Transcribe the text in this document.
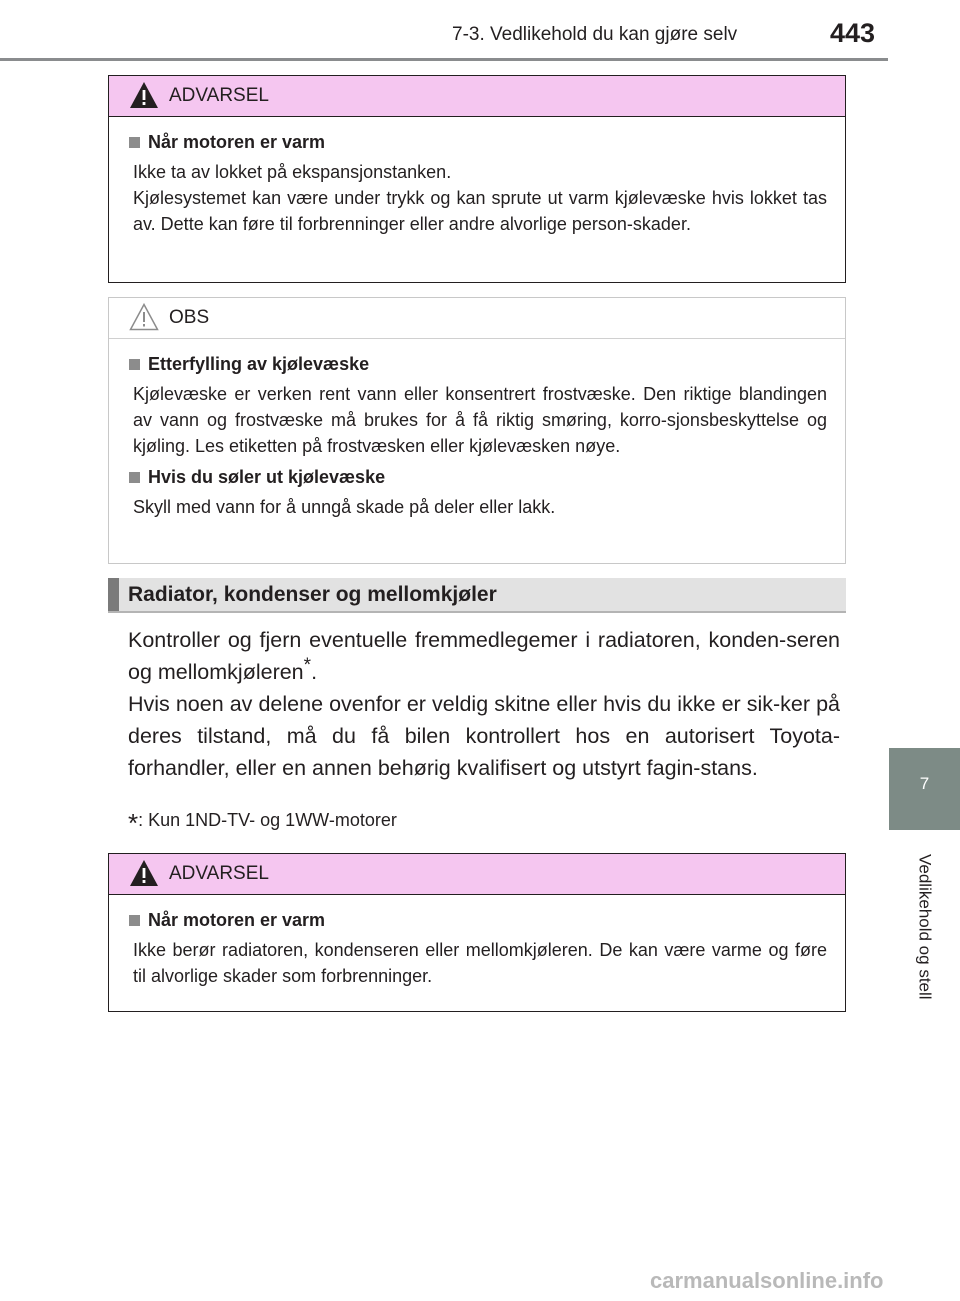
7-3. Vedlikehold du kan gjøre selv	443
7
Vedlikehold og stell
ADVARSEL
Når motoren er varm
Ikke ta av lokket på ekspansjonstanken.
Kjølesystemet kan være under trykk og kan sprute ut varm kjølevæske hvis lokket tas av. Dette kan føre til forbrenninger eller andre alvorlige person-skader.
OBS
Etterfylling av kjølevæske
Kjølevæske er verken rent vann eller konsentrert frostvæske. Den riktige blandingen av vann og frostvæske må brukes for å få riktig smøring, korro-sjonsbeskyttelse og kjøling. Les etiketten på frostvæsken eller kjølevæsken nøye.
Hvis du søler ut kjølevæske
Skyll med vann for å unngå skade på deler eller lakk.
Radiator, kondenser og mellomkjøler

Kontroller og fjern eventuelle fremmedlegemer i radiatoren, konden-seren og mellomkjøleren*.

Hvis noen av delene ovenfor er veldig skitne eller hvis du ikke er sik-ker på deres tilstand, må du få bilen kontrollert hos en autorisert Toyota-forhandler, eller en annen behørig kvalifisert og utstyrt fagin-stans.

*: Kun 1ND-TV- og 1WW-motorer
ADVARSEL
Når motoren er varm
Ikke berør radiatoren, kondenseren eller mellomkjøleren. De kan være varme og føre til alvorlige skader som forbrenninger.
carmanualsonline.info
